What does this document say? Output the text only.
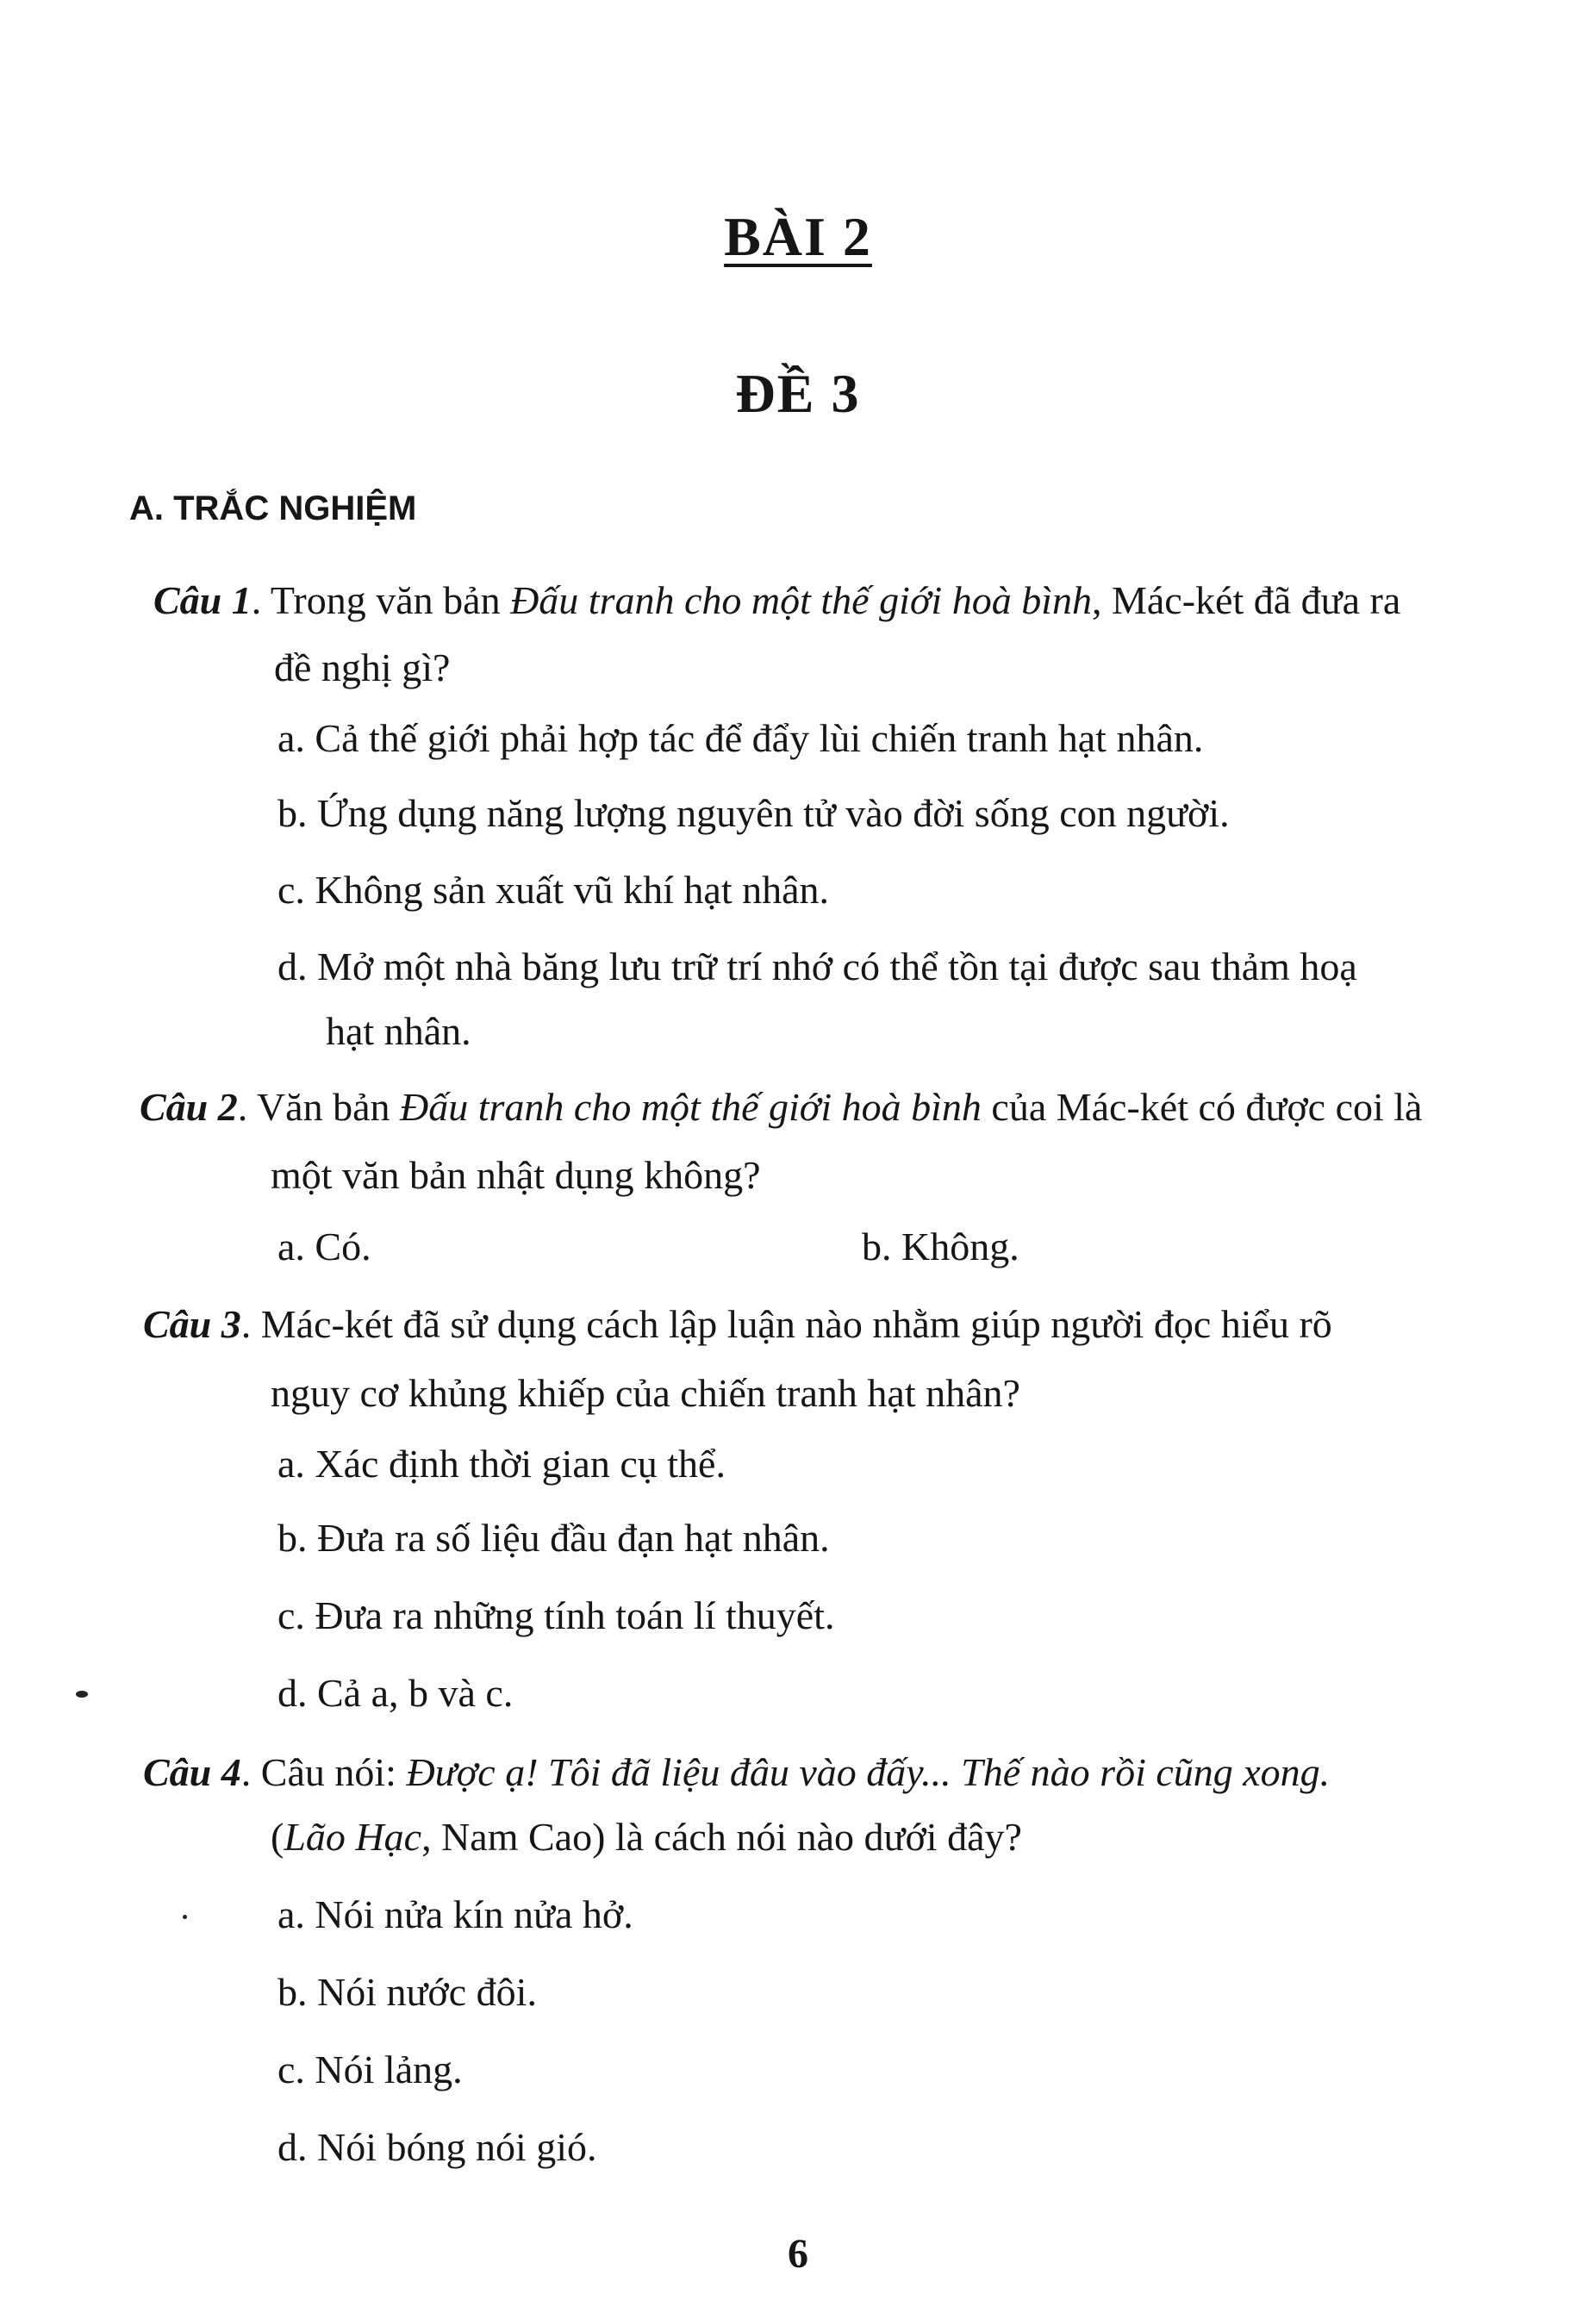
BÀI 2
ĐỀ 3
A. TRẮC NGHIỆM
Câu 1. Trong văn bản Đấu tranh cho một thế giới hoà bình, Mác-két đã đưa ra
đề nghị gì?
a. Cả thế giới phải hợp tác để đẩy lùi chiến tranh hạt nhân.
b. Ứng dụng năng lượng nguyên tử vào đời sống con người.
c. Không sản xuất vũ khí hạt nhân.
d. Mở một nhà băng lưu trữ trí nhớ có thể tồn tại được sau thảm hoạ
hạt nhân.
Câu 2. Văn bản Đấu tranh cho một thế giới hoà bình của Mác-két có được coi là
một văn bản nhật dụng không?
a. Có.	b. Không.
Câu 3. Mác-két đã sử dụng cách lập luận nào nhằm giúp người đọc hiểu rõ
nguy cơ khủng khiếp của chiến tranh hạt nhân?
a. Xác định thời gian cụ thể.
b. Đưa ra số liệu đầu đạn hạt nhân.
c. Đưa ra những tính toán lí thuyết.
d. Cả a, b và c.
Câu 4. Câu nói: Được ạ! Tôi đã liệu đâu vào đấy... Thế nào rồi cũng xong.
(Lão Hạc, Nam Cao) là cách nói nào dưới đây?
a. Nói nửa kín nửa hở.
b. Nói nước đôi.
c. Nói lảng.
d. Nói bóng nói gió.
6
